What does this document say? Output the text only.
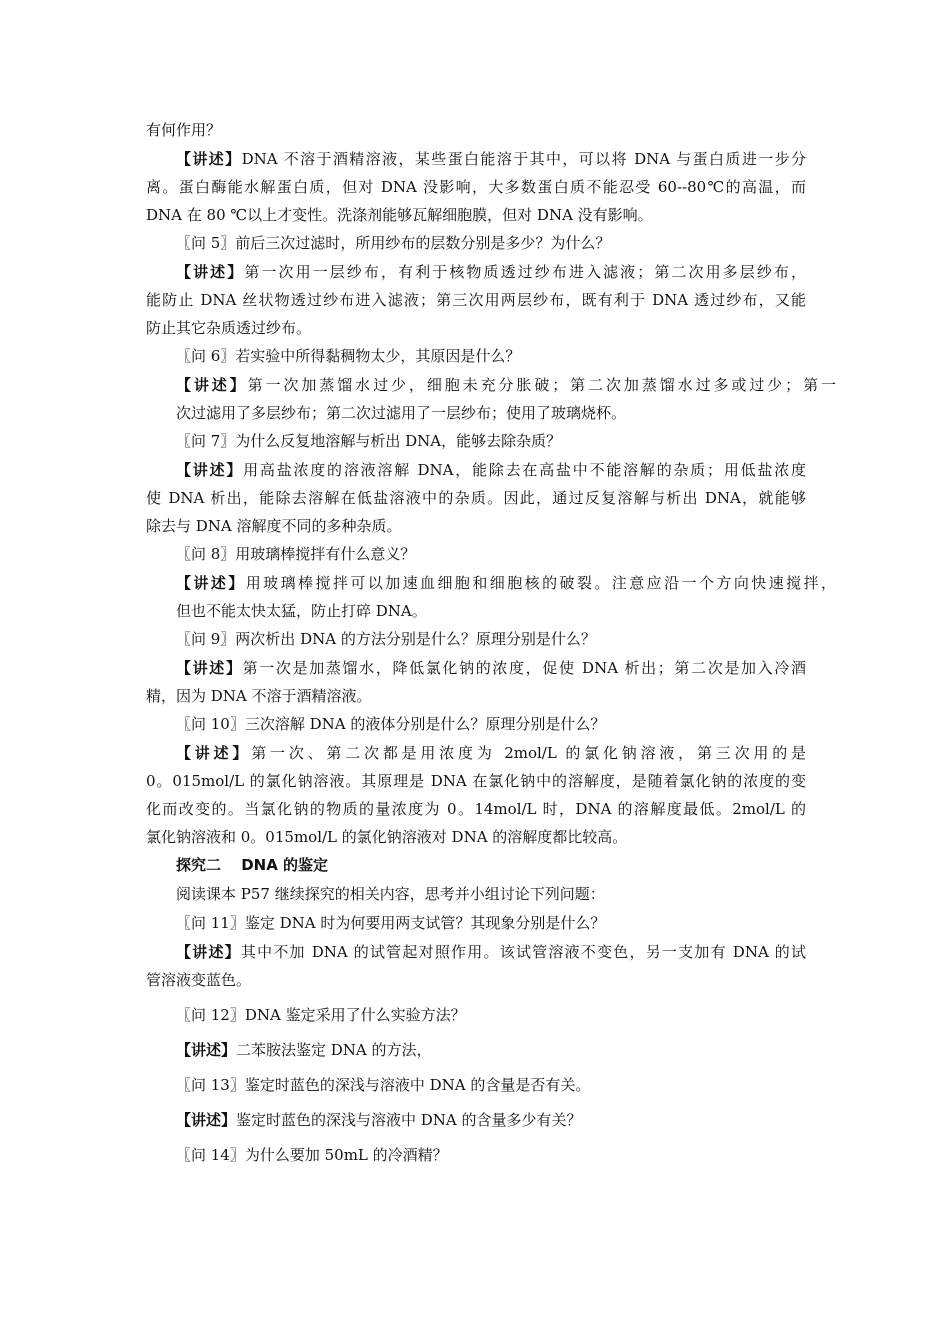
有何作用？

【讲述】DNA 不溶于酒精溶液，某些蛋白能溶于其中，可以将 DNA 与蛋白质进一步分
离。蛋白酶能水解蛋白质，但对 DNA 没影响，大多数蛋白质不能忍受 60--80℃的高温，而
DNA 在 80 ℃以上才变性。洗涤剂能够瓦解细胞膜，但对 DNA 没有影响。

〖问 5〗前后三次过滤时，所用纱布的层数分别是多少？为什么？

【讲述】第一次用一层纱布，有利于核物质透过纱布进入滤液；第二次用多层纱布，
能防止 DNA 丝状物透过纱布进入滤液；第三次用两层纱布，既有利于 DNA 透过纱布，又能
防止其它杂质透过纱布。

〖问 6〗若实验中所得黏稠物太少，其原因是什么？

【讲述】第一次加蒸馏水过少，细胞未充分胀破；第二次加蒸馏水过多或过少；第一
次过滤用了多层纱布；第二次过滤用了一层纱布；使用了玻璃烧杯。

〖问 7〗为什么反复地溶解与析出 DNA，能够去除杂质？

【讲述】用高盐浓度的溶液溶解 DNA，能除去在高盐中不能溶解的杂质；用低盐浓度
使 DNA 析出，能除去溶解在低盐溶液中的杂质。因此，通过反复溶解与析出 DNA，就能够
除去与 DNA 溶解度不同的多种杂质。

〖问 8〗用玻璃棒搅拌有什么意义？

【讲述】用玻璃棒搅拌可以加速血细胞和细胞核的破裂。注意应沿一个方向快速搅拌，
但也不能太快太猛，防止打碎 DNA。

〖问 9〗两次析出 DNA 的方法分别是什么？原理分别是什么？

【讲述】第一次是加蒸馏水，降低氯化钠的浓度，促使 DNA 析出；第二次是加入冷酒
精，因为 DNA 不溶于酒精溶液。

〖问 10〗三次溶解 DNA 的液体分别是什么？原理分别是什么？

【讲述】第一次、第二次都是用浓度为 2mol/L 的氯化钠溶液，第三次用的是
0。015mol/L 的氯化钠溶液。其原理是 DNA 在氯化钠中的溶解度，是随着氯化钠的浓度的变
化而改变的。当氯化钠的物质的量浓度为 0。14mol/L 时，DNA 的溶解度最低。2mol/L 的
氯化钠溶液和 0。015mol/L 的氯化钠溶液对 DNA 的溶解度都比较高。

探究二　 DNA 的鉴定

阅读课本 P57 继续探究的相关内容，思考并小组讨论下列问题：

〖问 11〗鉴定 DNA 时为何要用两支试管？其现象分别是什么？

【讲述】其中不加 DNA 的试管起对照作用。该试管溶液不变色，另一支加有 DNA 的试
管溶液变蓝色。

〖问 12〗DNA 鉴定采用了什么实验方法？

【讲述】二苯胺法鉴定 DNA 的方法，

〖问 13〗鉴定时蓝色的深浅与溶液中 DNA 的含量是否有关。

【讲述】鉴定时蓝色的深浅与溶液中 DNA 的含量多少有关？

〖问 14〗为什么要加 50mL 的冷酒精？
